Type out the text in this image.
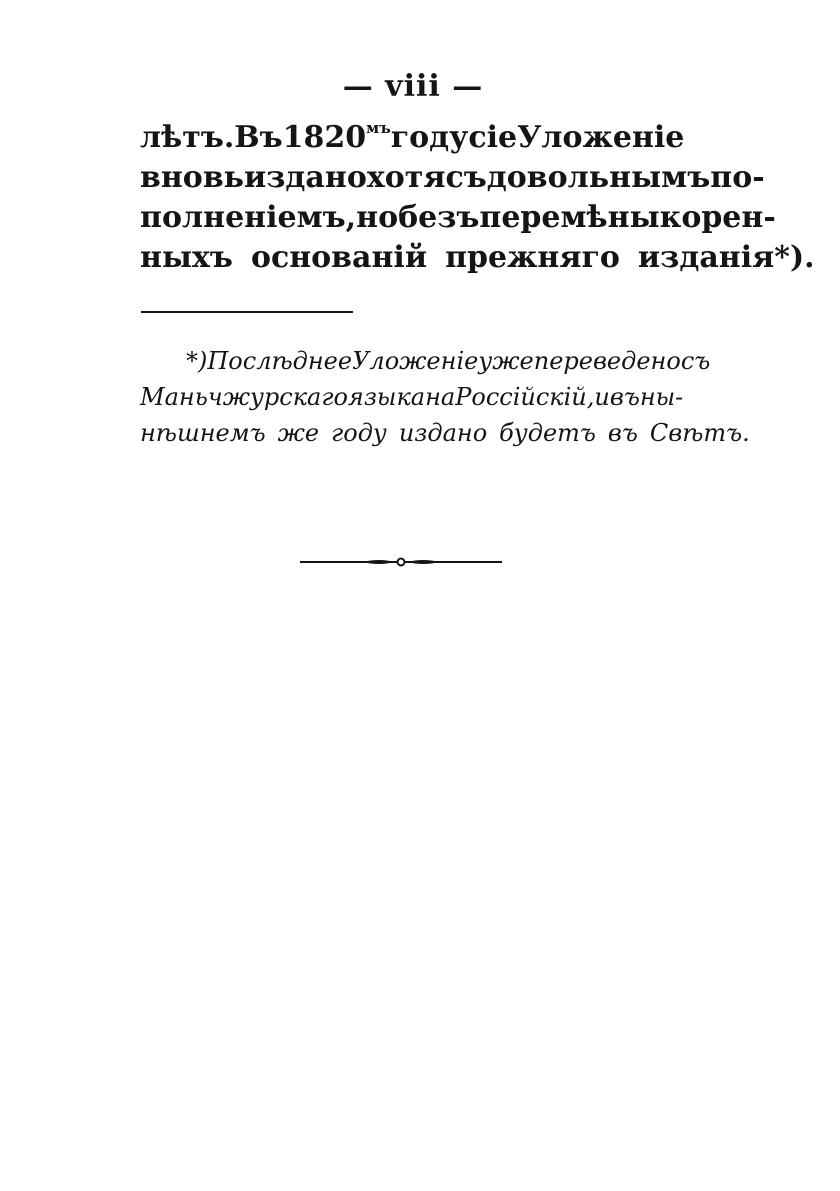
— viii —
лѣтъ. Въ $1820^{мъ}$ году сіе Уложеніе
вновь издано хотя съ довольнымъ по-
полненіемъ, но безъ перемѣны корен-
ныхъ основаній прежняго изданія*).
*) Послѣднее Уложеніе уже переведено съ
Маньчжурскаго языка на Россійскій, и въ ны-
нѣшнемъ же году издано будетъ въ Свѣтъ.
